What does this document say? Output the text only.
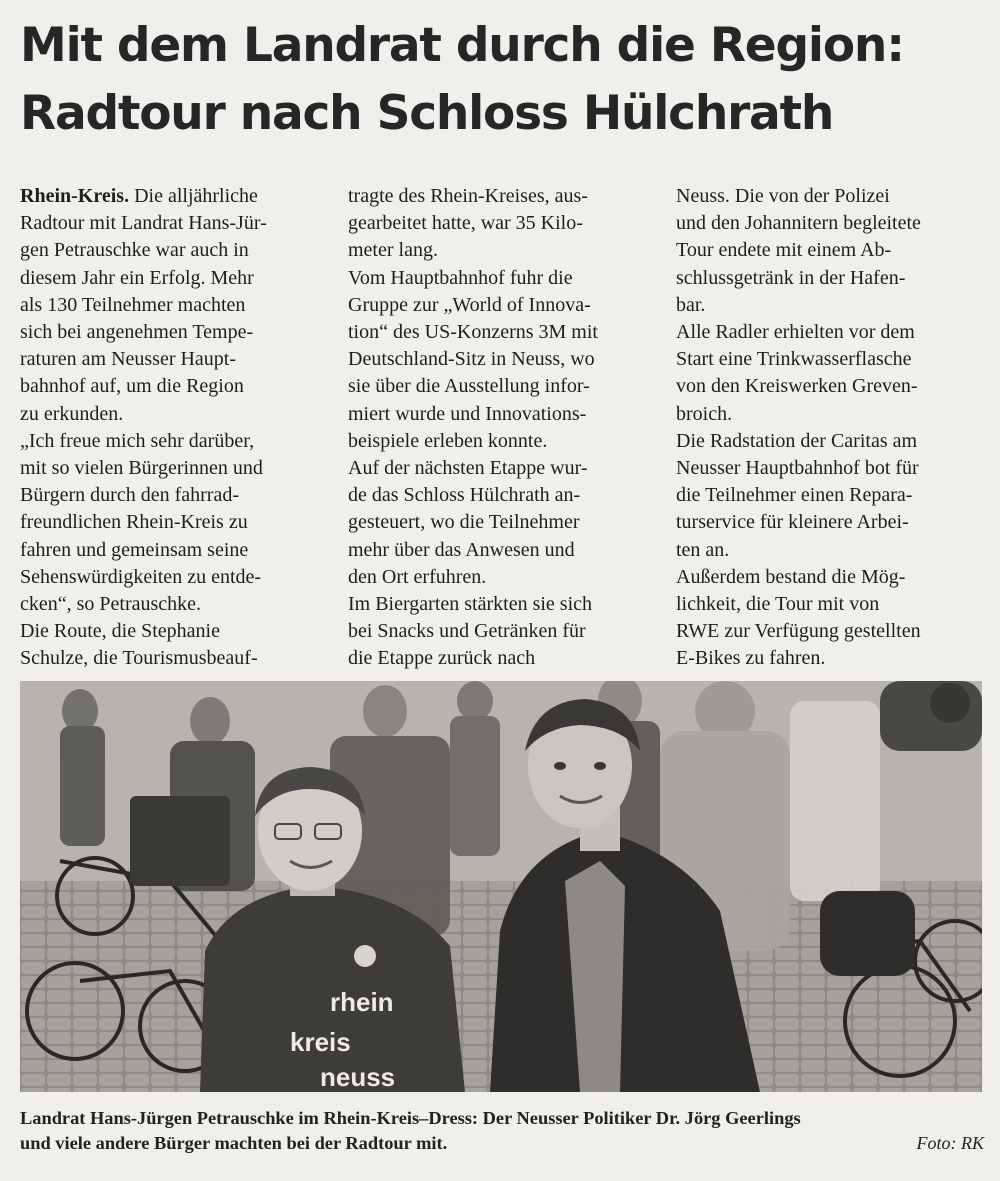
Mit dem Landrat durch die Region:
Radtour nach Schloss Hülchrath
Rhein-Kreis. Die alljährliche
Radtour mit Landrat Hans-Jür-
gen Petrauschke war auch in
diesem Jahr ein Erfolg. Mehr
als 130 Teilnehmer machten
sich bei angenehmen Tempe-
raturen am Neusser Haupt-
bahnhof auf, um die Region
zu erkunden.
„Ich freue mich sehr darüber,
mit so vielen Bürgerinnen und
Bürgern durch den fahrrad-
freundlichen Rhein-Kreis zu
fahren und gemeinsam seine
Sehenswürdigkeiten zu entde-
cken“, so Petrauschke.
Die Route, die Stephanie
Schulze, die Tourismusbeauf-
tragte des Rhein-Kreises, aus-
gearbeitet hatte, war 35 Kilo-
meter lang.
Vom Hauptbahnhof fuhr die
Gruppe zur „World of Innova-
tion“ des US-Konzerns 3M mit
Deutschland-Sitz in Neuss, wo
sie über die Ausstellung infor-
miert wurde und Innovations-
beispiele erleben konnte.
Auf der nächsten Etappe wur-
de das Schloss Hülchrath an-
gesteuert, wo die Teilnehmer
mehr über das Anwesen und
den Ort erfuhren.
Im Biergarten stärkten sie sich
bei Snacks und Getränken für
die Etappe zurück nach
Neuss. Die von der Polizei
und den Johannitern begleitete
Tour endete mit einem Ab-
schlussgetränk in der Hafen-
bar.
Alle Radler erhielten vor dem
Start eine Trinkwasserflasche
von den Kreiswerken Greven-
broich.
Die Radstation der Caritas am
Neusser Hauptbahnhof bot für
die Teilnehmer einen Repara-
turservice für kleinere Arbei-
ten an.
Außerdem bestand die Mög-
lichkeit, die Tour mit von
RWE zur Verfügung gestellten
E-Bikes zu fahren.
rhein
kreis
neuss
Landrat Hans-Jürgen Petrauschke im Rhein-Kreis–Dress: Der Neusser Politiker Dr. Jörg Geerlings
und viele andere Bürger machten bei der Radtour mit.	Foto: RK
